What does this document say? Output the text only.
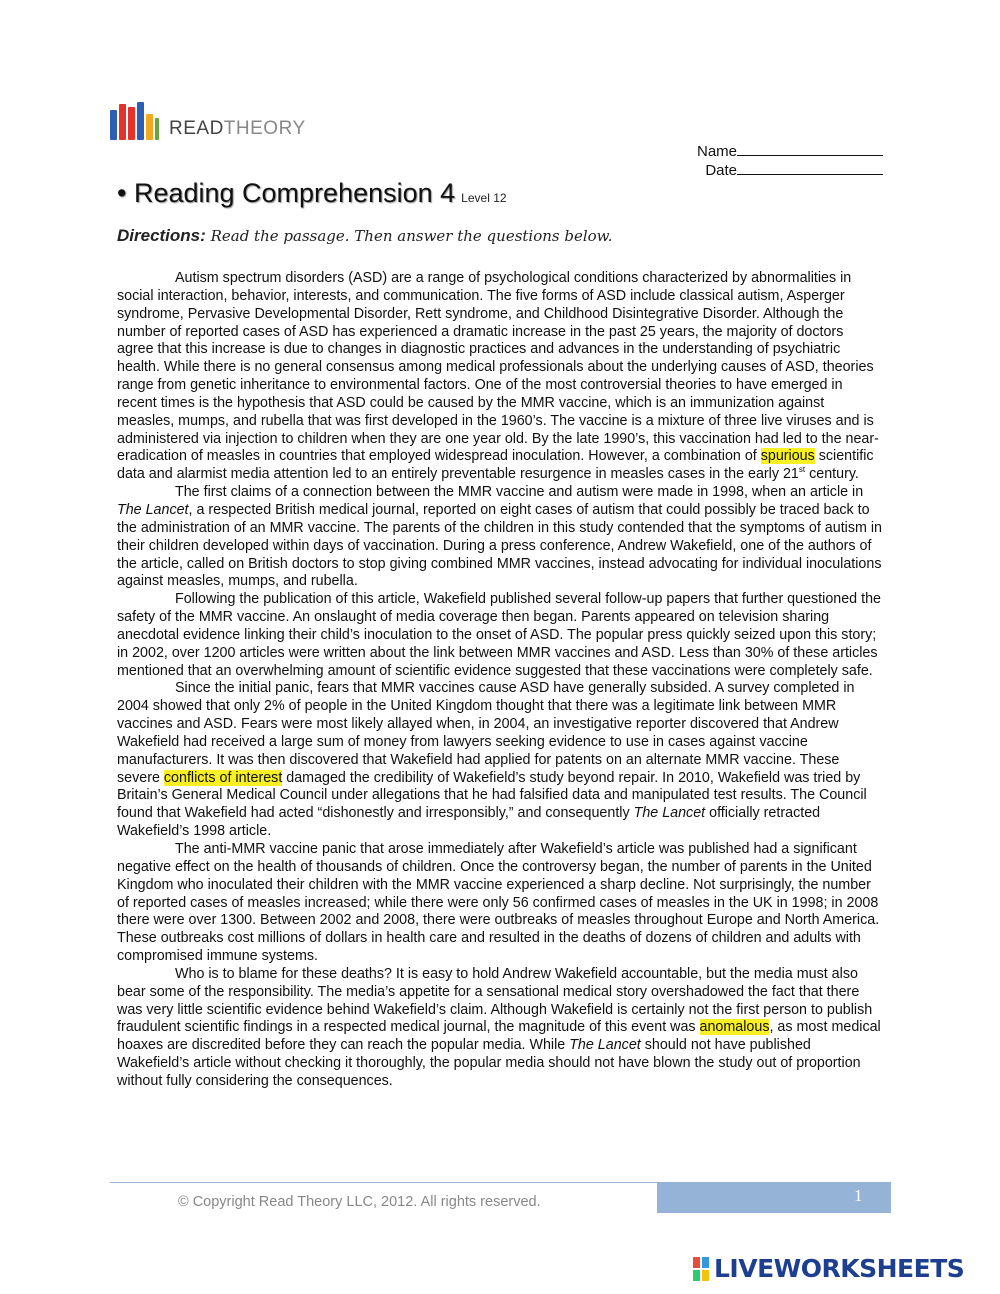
READTHEORY
Name
Date
• Reading Comprehension 4 Level 12
Directions: Read the passage. Then answer the questions below.

Autism spectrum disorders (ASD) are a range of psychological conditions characterized by abnormalities in social interaction, behavior, interests, and communication. The five forms of ASD include classical autism, Asperger syndrome, Pervasive Developmental Disorder, Rett syndrome, and Childhood Disintegrative Disorder. Although the number of reported cases of ASD has experienced a dramatic increase in the past 25 years, the majority of doctors agree that this increase is due to changes in diagnostic practices and advances in the understanding of psychiatric health. While there is no general consensus among medical professionals about the underlying causes of ASD, theories range from genetic inheritance to environmental factors. One of the most controversial theories to have emerged in recent times is the hypothesis that ASD could be caused by the MMR vaccine, which is an immunization against measles, mumps, and rubella that was first developed in the 1960’s. The vaccine is a mixture of three live viruses and is administered via injection to children when they are one year old. By the late 1990’s, this vaccination had led to the near-eradication of measles in countries that employed widespread inoculation. However, a combination of spurious scientific data and alarmist media attention led to an entirely preventable resurgence in measles cases in the early 21st century.

The first claims of a connection between the MMR vaccine and autism were made in 1998, when an article in The Lancet, a respected British medical journal, reported on eight cases of autism that could possibly be traced back to the administration of an MMR vaccine. The parents of the children in this study contended that the symptoms of autism in their children developed within days of vaccination. During a press conference, Andrew Wakefield, one of the authors of the article, called on British doctors to stop giving combined MMR vaccines, instead advocating for individual inoculations against measles, mumps, and rubella.

Following the publication of this article, Wakefield published several follow-up papers that further questioned the safety of the MMR vaccine. An onslaught of media coverage then began. Parents appeared on television sharing anecdotal evidence linking their child’s inoculation to the onset of ASD. The popular press quickly seized upon this story; in 2002, over 1200 articles were written about the link between MMR vaccines and ASD. Less than 30% of these articles mentioned that an overwhelming amount of scientific evidence suggested that these vaccinations were completely safe.

Since the initial panic, fears that MMR vaccines cause ASD have generally subsided. A survey completed in 2004 showed that only 2% of people in the United Kingdom thought that there was a legitimate link between MMR vaccines and ASD. Fears were most likely allayed when, in 2004, an investigative reporter discovered that Andrew Wakefield had received a large sum of money from lawyers seeking evidence to use in cases against vaccine manufacturers. It was then discovered that Wakefield had applied for patents on an alternate MMR vaccine. These severe conflicts of interest damaged the credibility of Wakefield’s study beyond repair. In 2010, Wakefield was tried by Britain’s General Medical Council under allegations that he had falsified data and manipulated test results. The Council found that Wakefield had acted “dishonestly and irresponsibly,” and consequently The Lancet officially retracted Wakefield’s 1998 article.

The anti-MMR vaccine panic that arose immediately after Wakefield’s article was published had a significant negative effect on the health of thousands of children. Once the controversy began, the number of parents in the United Kingdom who inoculated their children with the MMR vaccine experienced a sharp decline. Not surprisingly, the number of reported cases of measles increased; while there were only 56 confirmed cases of measles in the UK in 1998; in 2008 there were over 1300. Between 2002 and 2008, there were outbreaks of measles throughout Europe and North America. These outbreaks cost millions of dollars in health care and resulted in the deaths of dozens of children and adults with compromised immune systems.

Who is to blame for these deaths? It is easy to hold Andrew Wakefield accountable, but the media must also bear some of the responsibility. The media’s appetite for a sensational medical story overshadowed the fact that there was very little scientific evidence behind Wakefield’s claim. Although Wakefield is certainly not the first person to publish fraudulent scientific findings in a respected medical journal, the magnitude of this event was anomalous, as most medical hoaxes are discredited before they can reach the popular media. While The Lancet should not have published Wakefield’s article without checking it thoroughly, the popular media should not have blown the study out of proportion without fully considering the consequences.

© Copyright Read Theory LLC, 2012. All rights reserved.	1
LIVEWORKSHEETS
